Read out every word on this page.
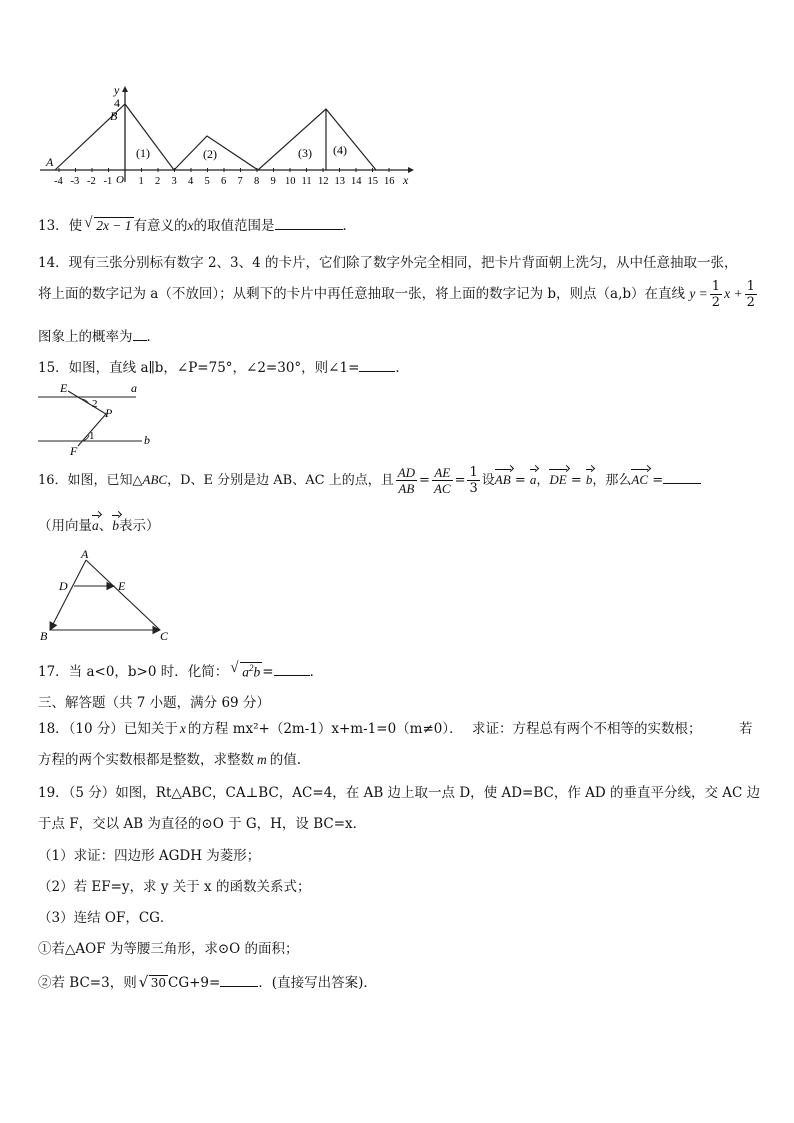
y
4
B
A
(1)	(2)	(3) (4)
x
-4 -3 -2 -1	1 2 3 4 5 6 7 8 9 10 11 12 13 14 15 16
O
13．使 √ 2x − 1 有意义的x的取值范围是	．
14．现有三张分别标有数字 2、3、4 的卡片，它们除了数字外完全相同，把卡片背面朝上洗匀，从中任意抽取一张，
将上面的数字记为 a（不放回）；从剩下的卡片中再任意抽取一张，将上面的数字记为 b，则点（a,b）在直线 $y = \frac{1}{2}$ $x + \frac{1}{2}$
图象上的概率为 ．
15．如图，直线 a∥b，∠P=75°，∠2=30°，则∠1=	．
E	a
2
P
1	b
F
16．如图，已知△ABC，D、E 分别是边 AB、AC 上的点，且 $\frac{AD}{AB} = \frac{AE}{AC} = \frac{1}{3}$ 设AB = a，DE = b，那么AC =
（用向量a、b表示）
A
D	E
B	C
17．当 a<0，b>0 时．化简： √ $a^2b$ =	．
三、解答题（共 7 小题，满分 69 分）
18．（10 分）已知关于 x 的方程 mx²+（2m-1）x+m-1=0（m≠0）． 求证：方程总有两个不相等的实数根；	若
方程的两个实数根都是整数，求整数 m 的值.
19．（5 分）如图，Rt△ABC，CA⊥BC，AC=4，在 AB 边上取一点 D，使 AD=BC，作 AD 的垂直平分线，交 AC 边
于点 F，交以 AB 为直径的⊙O 于 G，H，设 BC=x．
（1）求证：四边形 AGDH 为菱形；
（2）若 EF=y，求 y 关于 x 的函数关系式；
（3）连结 OF，CG．
①若△AOF 为等腰三角形，求⊙O 的面积；
②若 BC=3，则 √ 30 CG+9=	．(直接写出答案)．
